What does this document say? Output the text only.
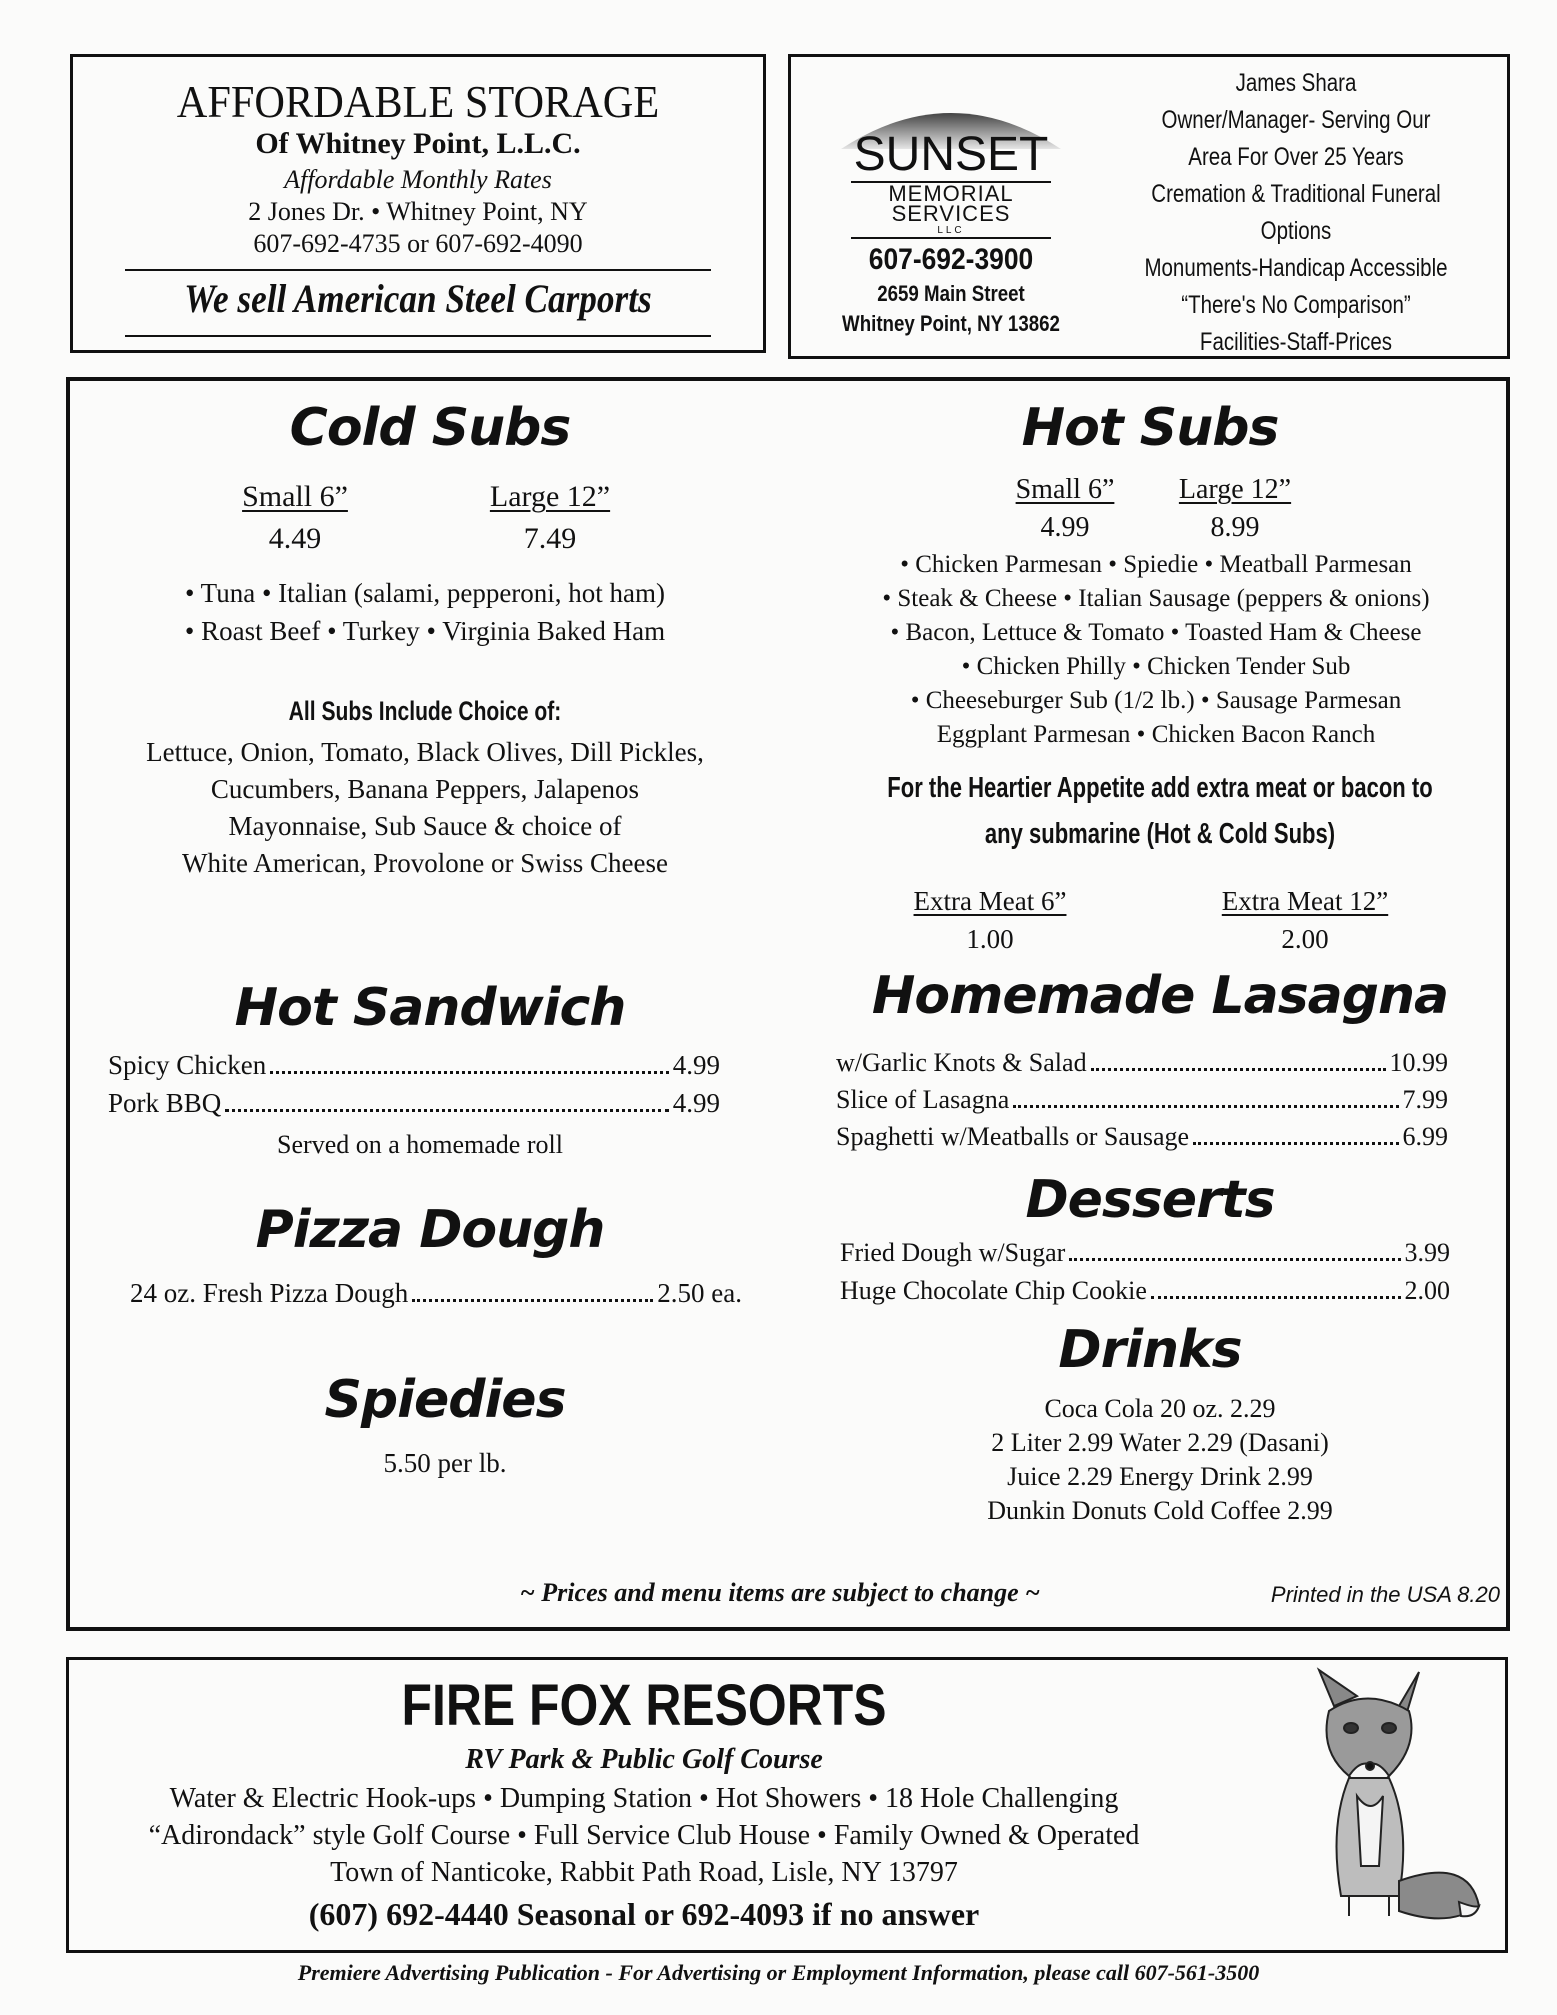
AFFORDABLE STORAGE
Of Whitney Point, L.L.C.
Affordable Monthly Rates
2 Jones Dr. • Whitney Point, NY
607-692-4735 or 607-692-4090
We sell American Steel Carports
SUNSET
MEMORIAL
SERVICES
LLC
607-692-3900
2659 Main Street
Whitney Point, NY 13862
James Shara
Owner/Manager- Serving Our
Area For Over 25 Years
Cremation & Traditional Funeral Options
Monuments-Handicap Accessible
“There's No Comparison”
Facilities-Staff-Prices
Cold Subs
Small 6”	Large 12”
4.49	7.49
• Tuna • Italian (salami, pepperoni, hot ham)
• Roast Beef • Turkey • Virginia Baked Ham
All Subs Include Choice of:
Lettuce, Onion, Tomato, Black Olives, Dill Pickles,
Cucumbers, Banana Peppers, Jalapenos
Mayonnaise, Sub Sauce & choice of
White American, Provolone or Swiss Cheese
Hot Sandwich
Spicy Chicken	4.99
Pork BBQ	4.99
Served on a homemade roll
Pizza Dough
24 oz. Fresh Pizza Dough	2.50 ea.
Spiedies
5.50 per lb.
Hot Subs
Small 6”	Large 12”
4.99	8.99
• Chicken Parmesan • Spiedie • Meatball Parmesan
• Steak & Cheese • Italian Sausage (peppers & onions)
• Bacon, Lettuce & Tomato • Toasted Ham & Cheese
• Chicken Philly • Chicken Tender Sub
• Cheeseburger Sub (1/2 lb.) • Sausage Parmesan
Eggplant Parmesan • Chicken Bacon Ranch
For the Heartier Appetite add extra meat or bacon to
any submarine (Hot & Cold Subs)
Extra Meat 6”	Extra Meat 12”
1.00	2.00
Homemade Lasagna
w/Garlic Knots & Salad	10.99
Slice of Lasagna	7.99
Spaghetti w/Meatballs or Sausage	6.99
Desserts
Fried Dough w/Sugar	3.99
Huge Chocolate Chip Cookie	2.00
Drinks
Coca Cola 20 oz. 2.29
2 Liter 2.99 Water 2.29 (Dasani)
Juice 2.29 Energy Drink 2.99
Dunkin Donuts Cold Coffee 2.99
~ Prices and menu items are subject to change ~	Printed in the USA 8.20
FIRE FOX RESORTS
RV Park & Public Golf Course
Water & Electric Hook-ups • Dumping Station • Hot Showers • 18 Hole Challenging
“Adirondack” style Golf Course • Full Service Club House • Family Owned & Operated
Town of Nanticoke, Rabbit Path Road, Lisle, NY 13797
(607) 692-4440 Seasonal or 692-4093 if no answer
Premiere Advertising Publication - For Advertising or Employment Information, please call 607-561-3500
